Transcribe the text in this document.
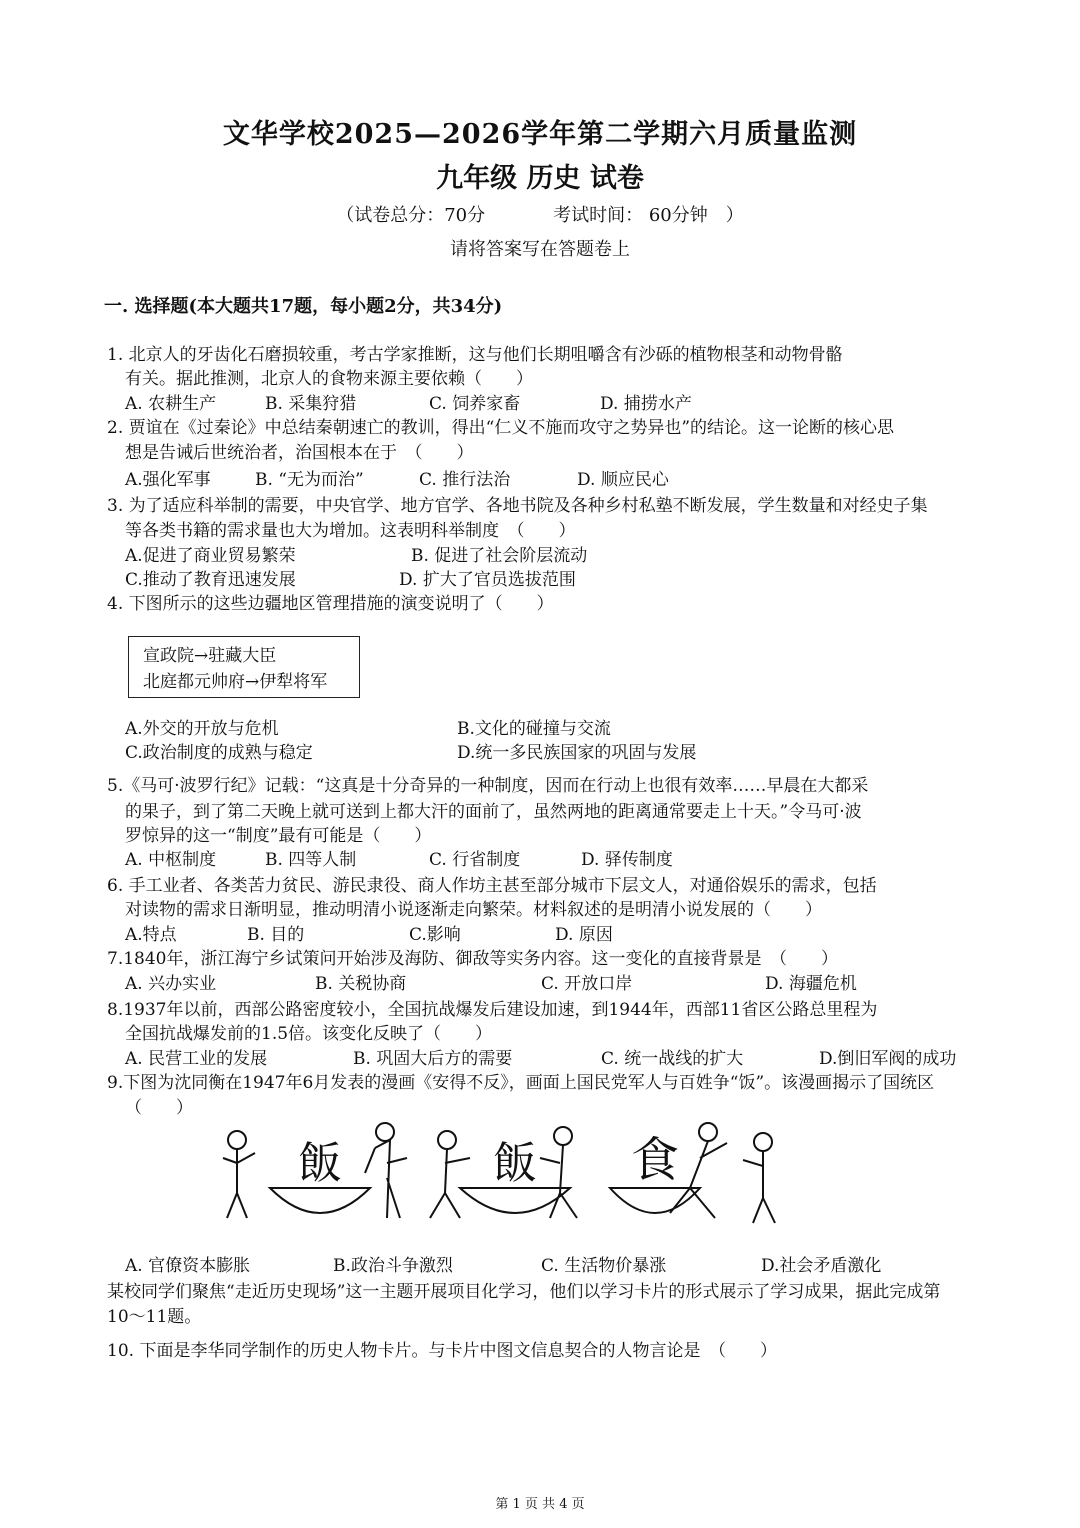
文华学校2025—2026学年第二学期六月质量监测
九年级 历史 试卷
（试卷总分：70分	考试时间： 60分钟　）
请将答案写在答题卷上
一. 选择题(本大题共17题，每小题2分，共34分)
1. 北京人的牙齿化石磨损较重，考古学家推断，这与他们长期咀嚼含有沙砾的植物根茎和动物骨骼
有关。据此推测，北京人的食物来源主要依赖（　　）
A. 农耕生产	B. 采集狩猎	C. 饲养家畜	D. 捕捞水产
2. 贾谊在《过秦论》中总结秦朝速亡的教训，得出“仁义不施而攻守之势异也”的结论。这一论断的核心思
想是告诫后世统治者，治国根本在于　（　　）
A.强化军事	B. “无为而治”	C. 推行法治	D. 顺应民心
3. 为了适应科举制的需要，中央官学、地方官学、各地书院及各种乡村私塾不断发展，学生数量和对经史子集
等各类书籍的需求量也大为增加。这表明科举制度　（　　）
A.促进了商业贸易繁荣	B. 促进了社会阶层流动
C.推动了教育迅速发展	D. 扩大了官员选拔范围
4. 下图所示的这些边疆地区管理措施的演变说明了（　　）
宣政院→驻藏大臣
北庭都元帅府→伊犁将军
A.外交的开放与危机	B.文化的碰撞与交流
C.政治制度的成熟与稳定	D.统一多民族国家的巩固与发展
5.《马可·波罗行纪》记载：“这真是十分奇异的一种制度，因而在行动上也很有效率……早晨在大都采
的果子，到了第二天晚上就可送到上都大汗的面前了，虽然两地的距离通常要走上十天。”令马可·波
罗惊异的这一“制度”最有可能是（　　）
A. 中枢制度	B. 四等人制	C. 行省制度	D. 驿传制度
6. 手工业者、各类苦力贫民、游民隶役、商人作坊主甚至部分城市下层文人，对通俗娱乐的需求，包括
对读物的需求日渐明显，推动明清小说逐渐走向繁荣。材料叙述的是明清小说发展的（　　）
A.特点	B. 目的	C.影响	D. 原因
7.1840年，浙江海宁乡试策问开始涉及海防、御敌等实务内容。这一变化的直接背景是　（　　）
A. 兴办实业	B. 关税协商	C. 开放口岸	D. 海疆危机
8.1937年以前，西部公路密度较小，全国抗战爆发后建设加速，到1944年，西部11省区公路总里程为
全国抗战爆发前的1.5倍。该变化反映了（　　）
A. 民营工业的发展	B. 巩固大后方的需要	C. 统一战线的扩大	D.倒旧军阀的成功
9.下图为沈同衡在1947年6月发表的漫画《安得不反》，画面上国民党军人与百姓争“饭”。该漫画揭示了国统区
（　　）
飯	飯 食
A. 官僚资本膨胀	B.政治斗争激烈	C. 生活物价暴涨	D.社会矛盾激化
某校同学们聚焦“走近历史现场”这一主题开展项目化学习，他们以学习卡片的形式展示了学习成果，据此完成第
10～11题。
10. 下面是李华同学制作的历史人物卡片。与卡片中图文信息契合的人物言论是　（　　）
第 1 页 共 4 页
